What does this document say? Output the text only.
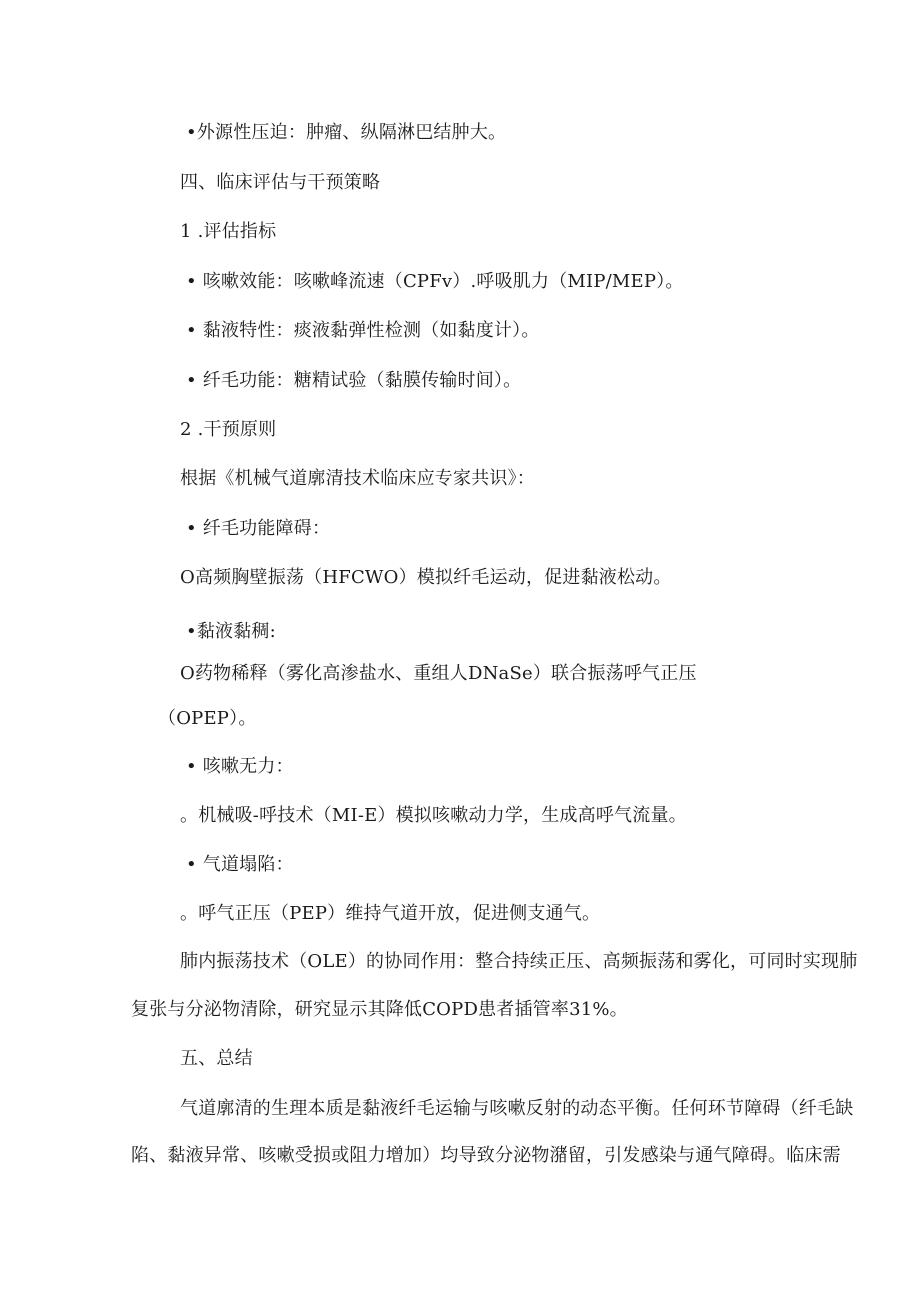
•外源性压迫：肿瘤、纵隔淋巴结肿大。
四、临床评估与干预策略
1 .评估指标
• 咳嗽效能：咳嗽峰流速（CPFv）.呼吸肌力（MIP/MEP）。
• 黏液特性：痰液黏弹性检测（如黏度计）。
• 纤毛功能：糖精试验（黏膜传输时间）。
2 .干预原则
根据《机械气道廓清技术临床应专家共识》：
• 纤毛功能障碍：
O高频胸壁振荡（HFCWO）模拟纤毛运动，促进黏液松动。
•黏液黏稠:
O药物稀释（雾化高渗盐水、重组人DNaSe）联合振荡呼气正压
（OPEP）。
• 咳嗽无力：
。机械吸-呼技术（MI-E）模拟咳嗽动力学，生成高呼气流量。
• 气道塌陷：
。呼气正压（PEP）维持气道开放，促进侧支通气。
肺内振荡技术（OLE）的协同作用：整合持续正压、高频振荡和雾化，可同时实现肺
复张与分泌物清除，研究显示其降低COPD患者插管率31%。
五、总结
气道廓清的生理本质是黏液纤毛运输与咳嗽反射的动态平衡。任何环节障碍（纤毛缺
陷、黏液异常、咳嗽受损或阻力增加）均导致分泌物潴留，引发感染与通气障碍。临床需
